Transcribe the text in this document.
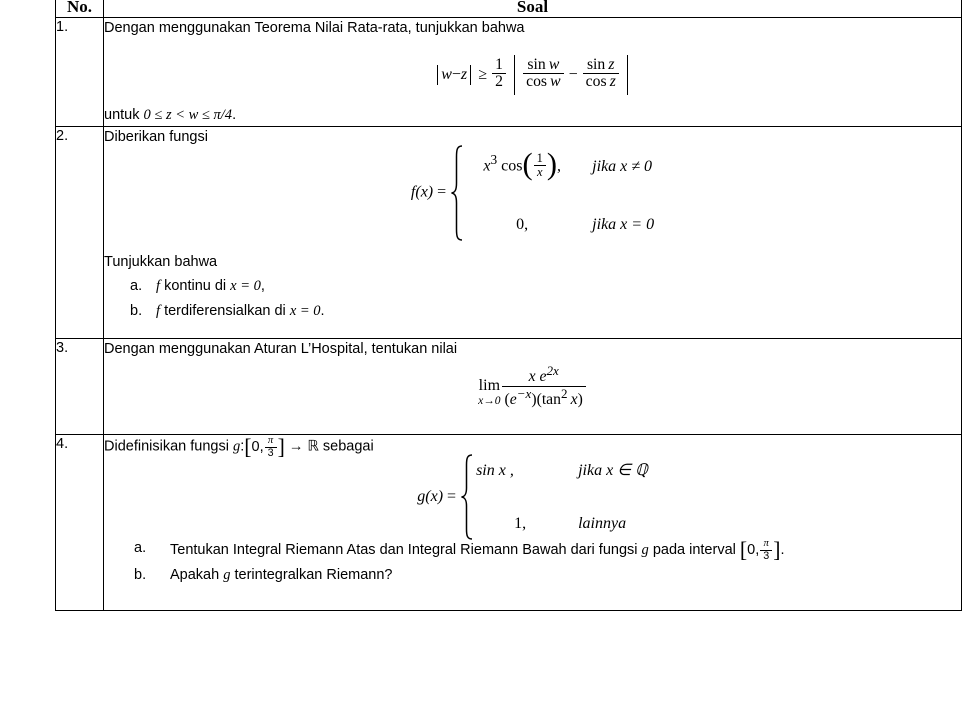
No.	Soal
1.	Dengan menggunakan Teorema Nilai Rata-rata, tunjukkan bahwa
$w-z \ge \frac{1}{2}$
$\frac{\text{sin  w}}{\text{cos  w}} - \frac{\text{sin  z}}{\text{cos  z}}$

untuk 0 ≤ z < w ≤ π/4.

2.	Diberikan fungsi
f(x) =
$x^3$ $\cos( \frac{1}{x}$ ), jika x ≠ 0
0,	jika x = 0
Tunjukkan bahwa
a. f kontinu di x = 0,
b. f terdiferensialkan di x = 0.

3.	Dengan menggunakan Aturan L’Hospital, tentukan nilai
lim
$x\to 0 \frac{x e^{2x}}{(e^{-x})(\tan^2 x)}$

4.	Didefinisikan fungsi g:[0, $\frac{\pi}{3}$ ] → ℝ sebagai
g(x) =
sin x ,	jika x ∈ ℚ
1,	lainnya
a. Tentukan Integral Riemann Atas dan Integral Riemann Bawah dari fungsi g pada interval [0, $\frac{\pi}{3}$ ].
b. Apakah g terintegralkan Riemann?
